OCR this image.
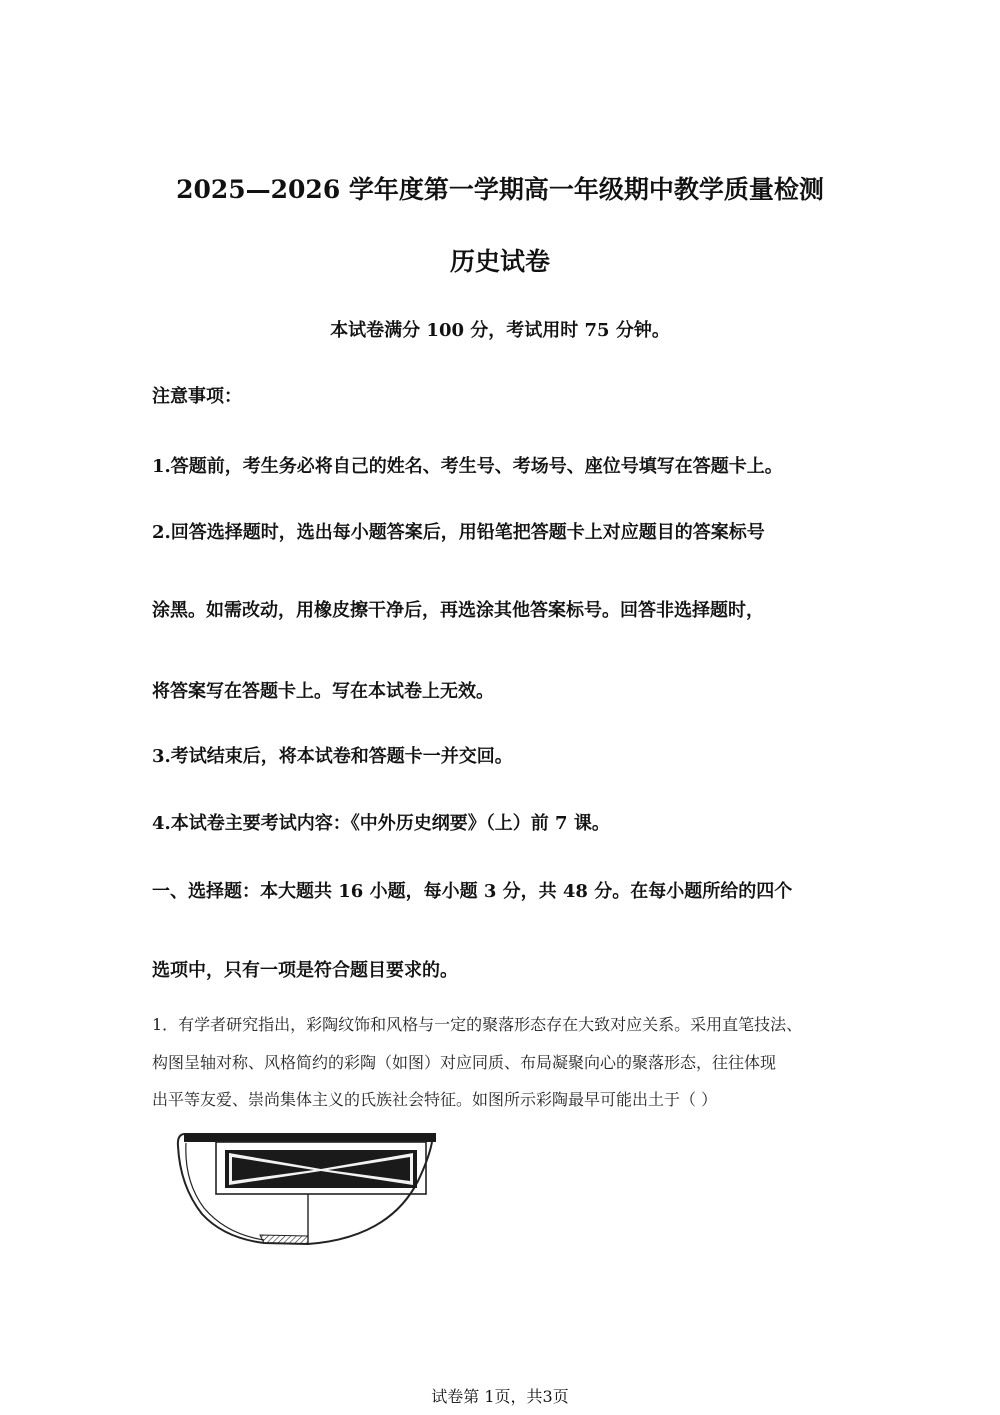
2025—2026 学年度第一学期高一年级期中教学质量检测
历史试卷
本试卷满分 100 分，考试用时 75 分钟。
注意事项：
1.答题前，考生务必将自己的姓名、考生号、考场号、座位号填写在答题卡上。
2.回答选择题时，选出每小题答案后，用铅笔把答题卡上对应题目的答案标号
涂黑。如需改动，用橡皮擦干净后，再选涂其他答案标号。回答非选择题时，
将答案写在答题卡上。写在本试卷上无效。
3.考试结束后，将本试卷和答题卡一并交回。
4.本试卷主要考试内容：《中外历史纲要》（上）前 7 课。
一、选择题：本大题共 16 小题，每小题 3 分，共 48 分。在每小题所给的四个
选项中，只有一项是符合题目要求的。
1．有学者研究指出，彩陶纹饰和风格与一定的聚落形态存在大致对应关系。采用直笔技法、
构图呈轴对称、风格简约的彩陶（如图）对应同质、布局凝聚向心的聚落形态，往往体现
出平等友爱、崇尚集体主义的氏族社会特征。如图所示彩陶最早可能出土于（ ）
试卷第 1页，共3页
